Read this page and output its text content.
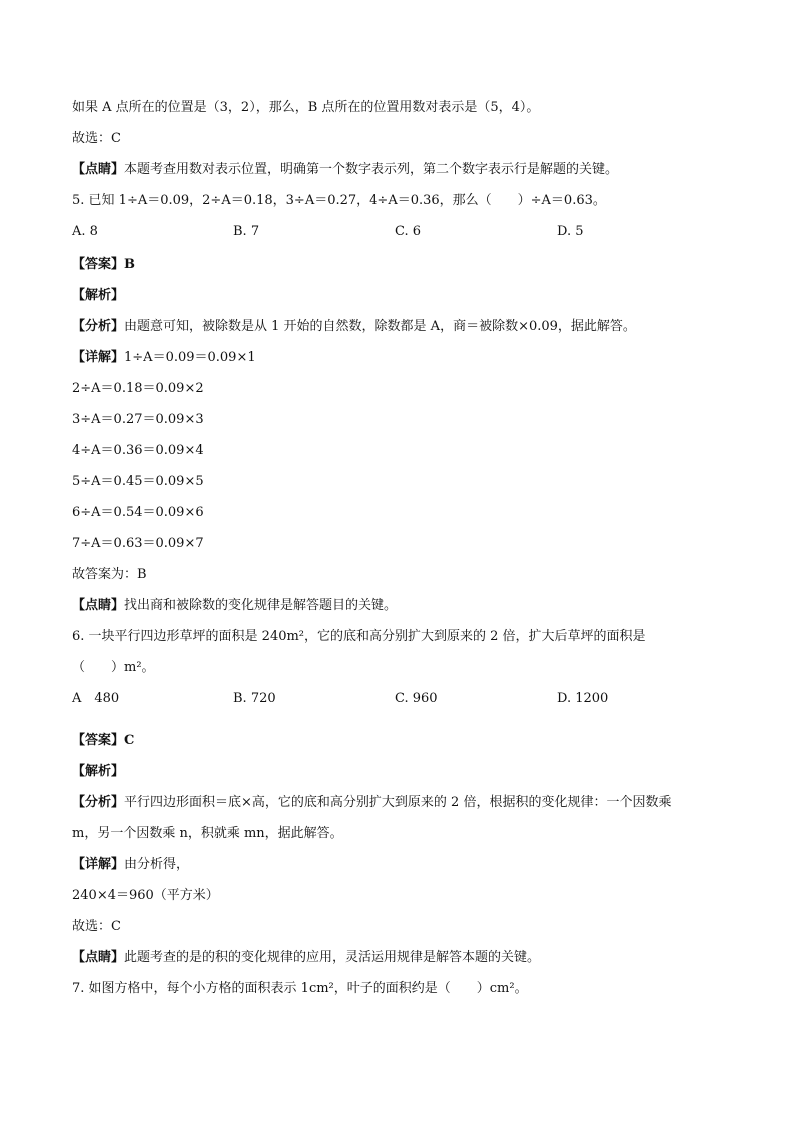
如果 A 点所在的位置是（3，2），那么，B 点所在的位置用数对表示是（5，4）。
故选：C
【点睛】本题考查用数对表示位置，明确第一个数字表示列，第二个数字表示行是解题的关键。
5. 已知 1÷A＝0.09，2÷A＝0.18，3÷A＝0.27，4÷A＝0.36，那么（　　）÷A＝0.63。
A. 8	B. 7	C. 6	D. 5
【答案】B
【解析】
【分析】由题意可知，被除数是从 1 开始的自然数，除数都是 A，商＝被除数×0.09，据此解答。
【详解】1÷A＝0.09＝0.09×1
2÷A＝0.18＝0.09×2
3÷A＝0.27＝0.09×3
4÷A＝0.36＝0.09×4
5÷A＝0.45＝0.09×5
6÷A＝0.54＝0.09×6
7÷A＝0.63＝0.09×7
故答案为：B
【点睛】找出商和被除数的变化规律是解答题目的关键。
6. 一块平行四边形草坪的面积是 240m²，它的底和高分别扩大到原来的 2 倍，扩大后草坪的面积是
（　　）m²。
A　480	B. 720	C. 960	D. 1200
【答案】C
【解析】
【分析】平行四边形面积＝底×高，它的底和高分别扩大到原来的 2 倍，根据积的变化规律：一个因数乘
m，另一个因数乘 n，积就乘 mn，据此解答。
【详解】由分析得，
240×4＝960（平方米）
故选：C
【点睛】此题考查的是的积的变化规律的应用，灵活运用规律是解答本题的关键。
7. 如图方格中，每个小方格的面积表示 1cm²，叶子的面积约是（　　）cm²。
